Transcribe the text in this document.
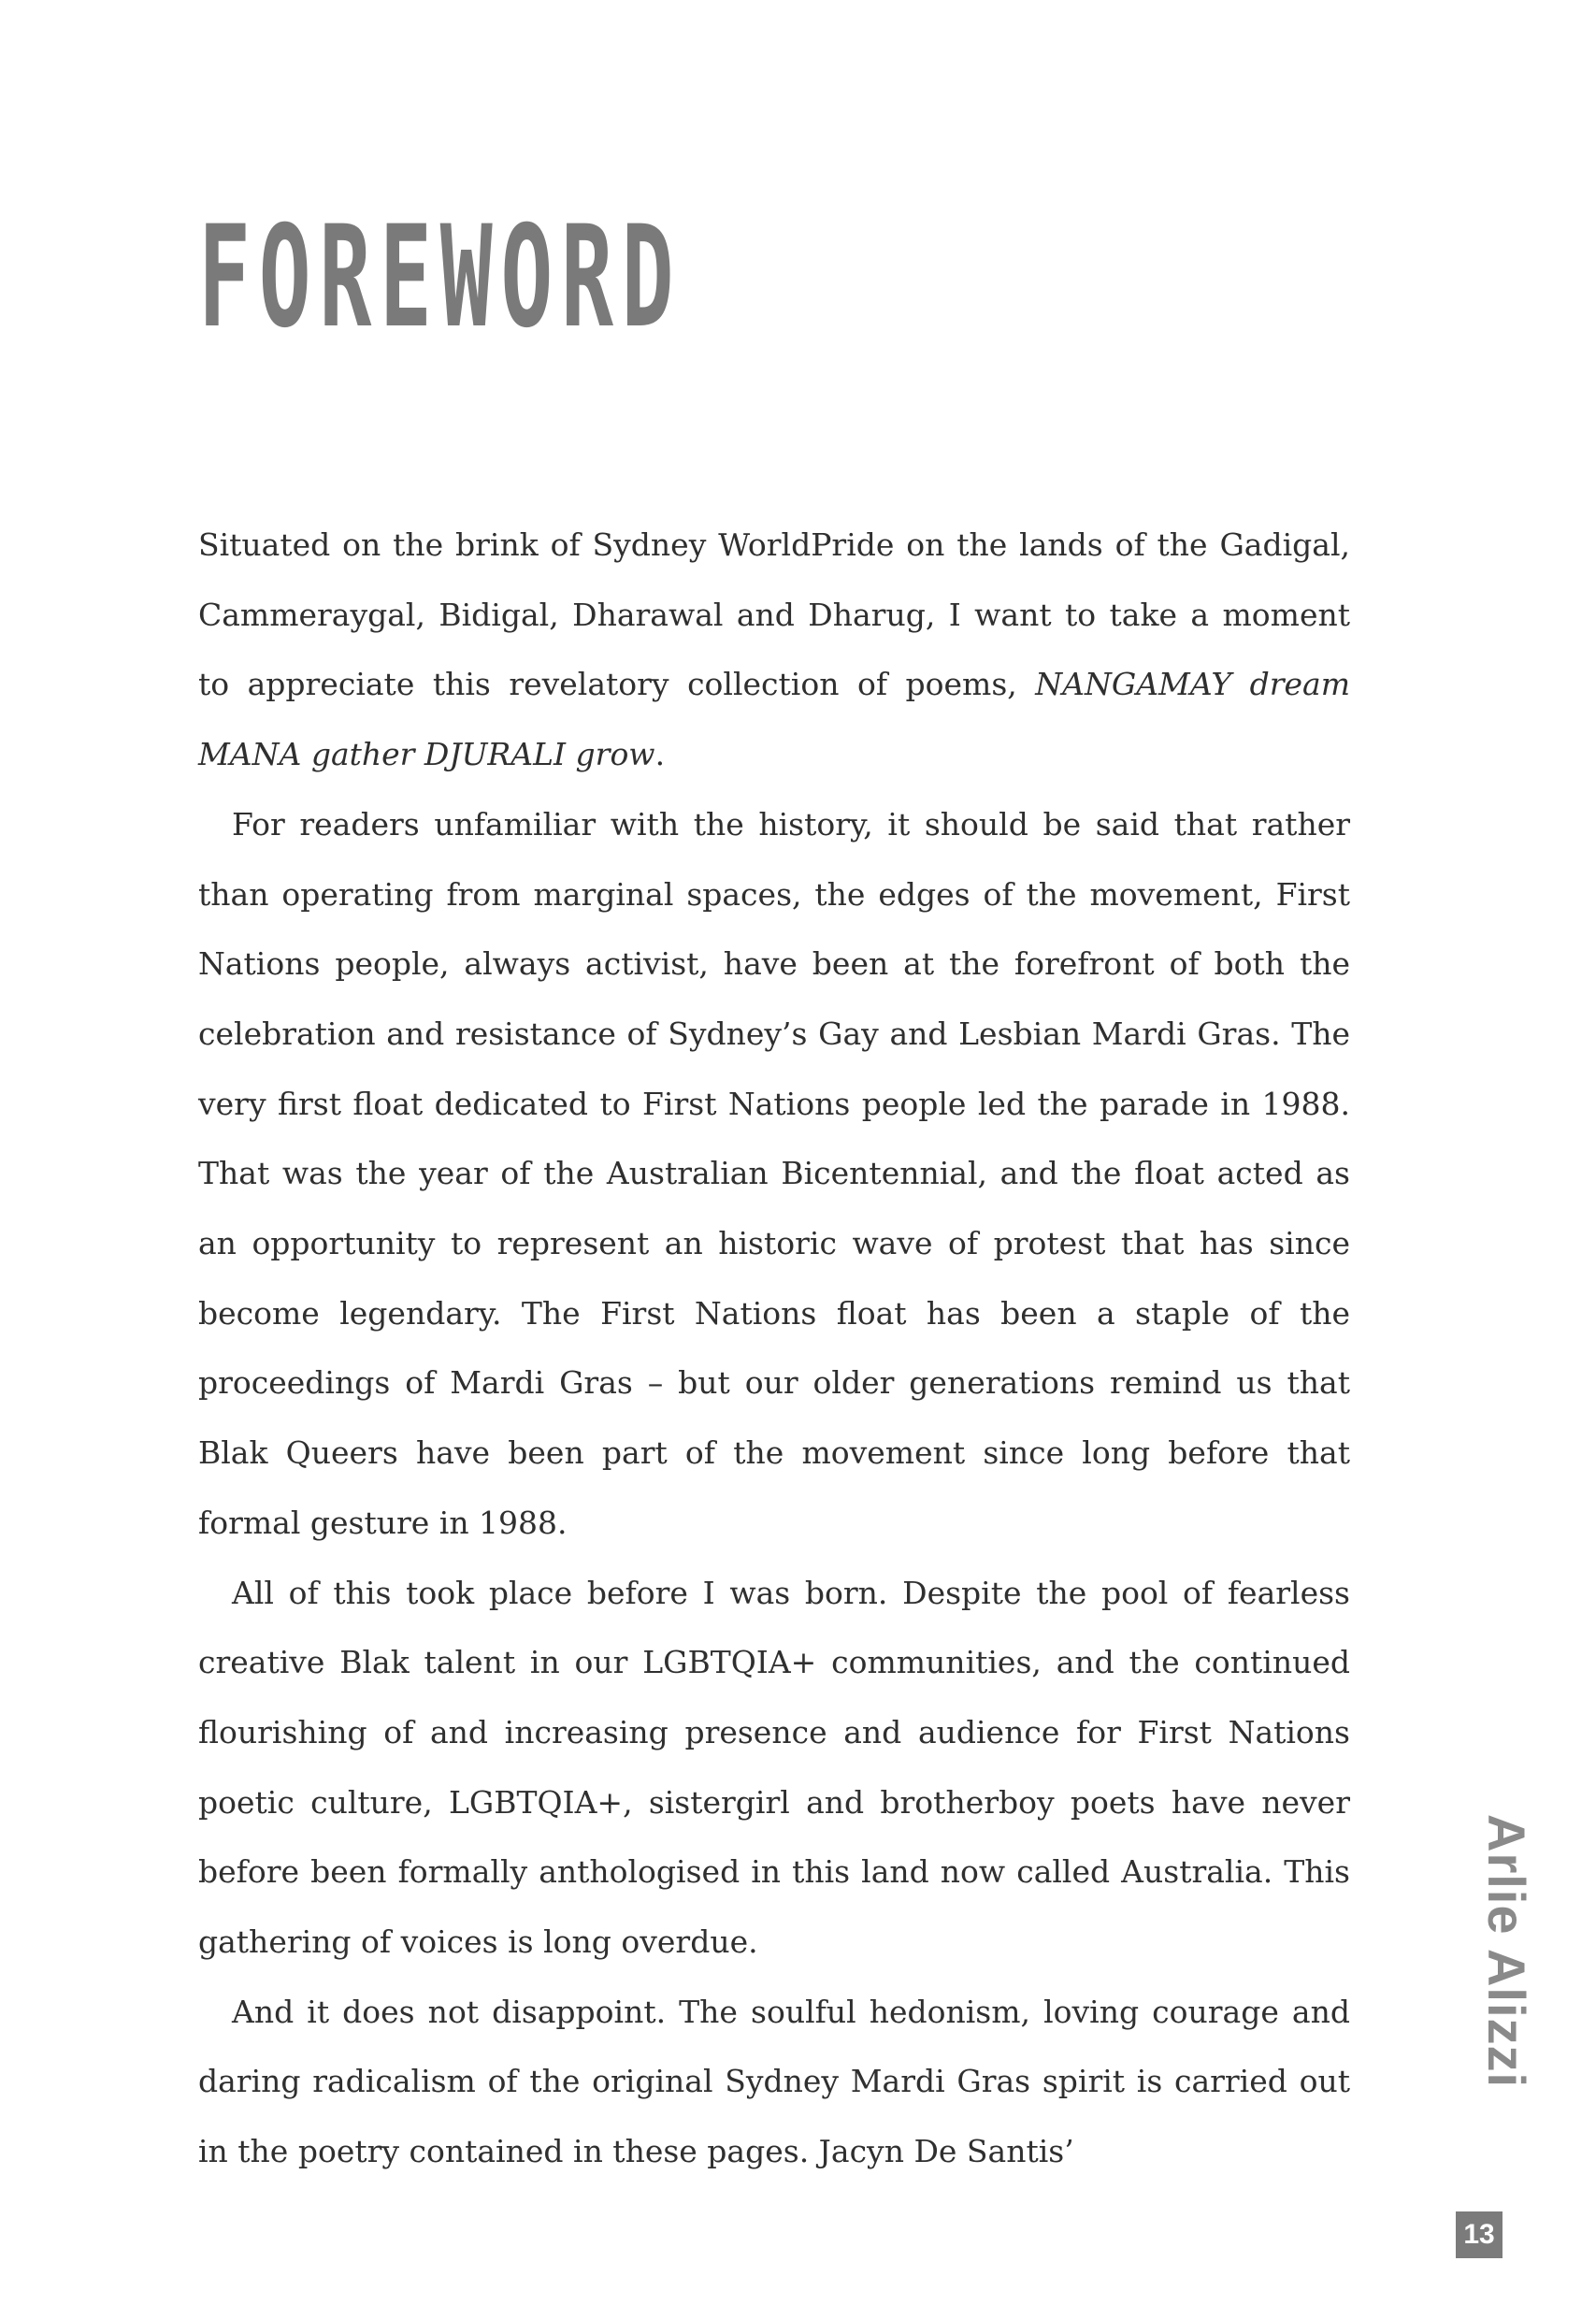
FOREWORD

Situated on the brink of Sydney WorldPride on the lands of the Gadigal, Cammeraygal, Bidigal, Dharawal and Dharug, I want to take a moment to appreciate this revelatory collection of poems, NANGAMAY dream MANA gather DJURALI grow.

For readers unfamiliar with the history, it should be said that rather than operating from marginal spaces, the edges of the movement, First Nations people, always activist, have been at the forefront of both the celebration and resistance of Sydney’s Gay and Lesbian Mardi Gras. The very first float dedicated to First Nations people led the parade in 1988. That was the year of the Australian Bicentennial, and the float acted as an opportunity to represent an historic wave of protest that has since become legendary. The First Nations float has been a staple of the proceedings of Mardi Gras – but our older generations remind us that Blak Queers have been part of the movement since long before that formal gesture in 1988.

All of this took place before I was born. Despite the pool of fearless creative Blak talent in our LGBTQIA+ communities, and the continued flourishing of and increasing presence and audience for First Nations poetic culture, LGBTQIA+, sistergirl and brotherboy poets have never before been formally anthologised in this land now called Australia. This gathering of voices is long overdue.

And it does not disappoint. The soulful hedonism, loving courage and daring radicalism of the original Sydney Mardi Gras spirit is carried out in the poetry contained in these pages. Jacyn De Santis’

Arlie Alizzi
13
